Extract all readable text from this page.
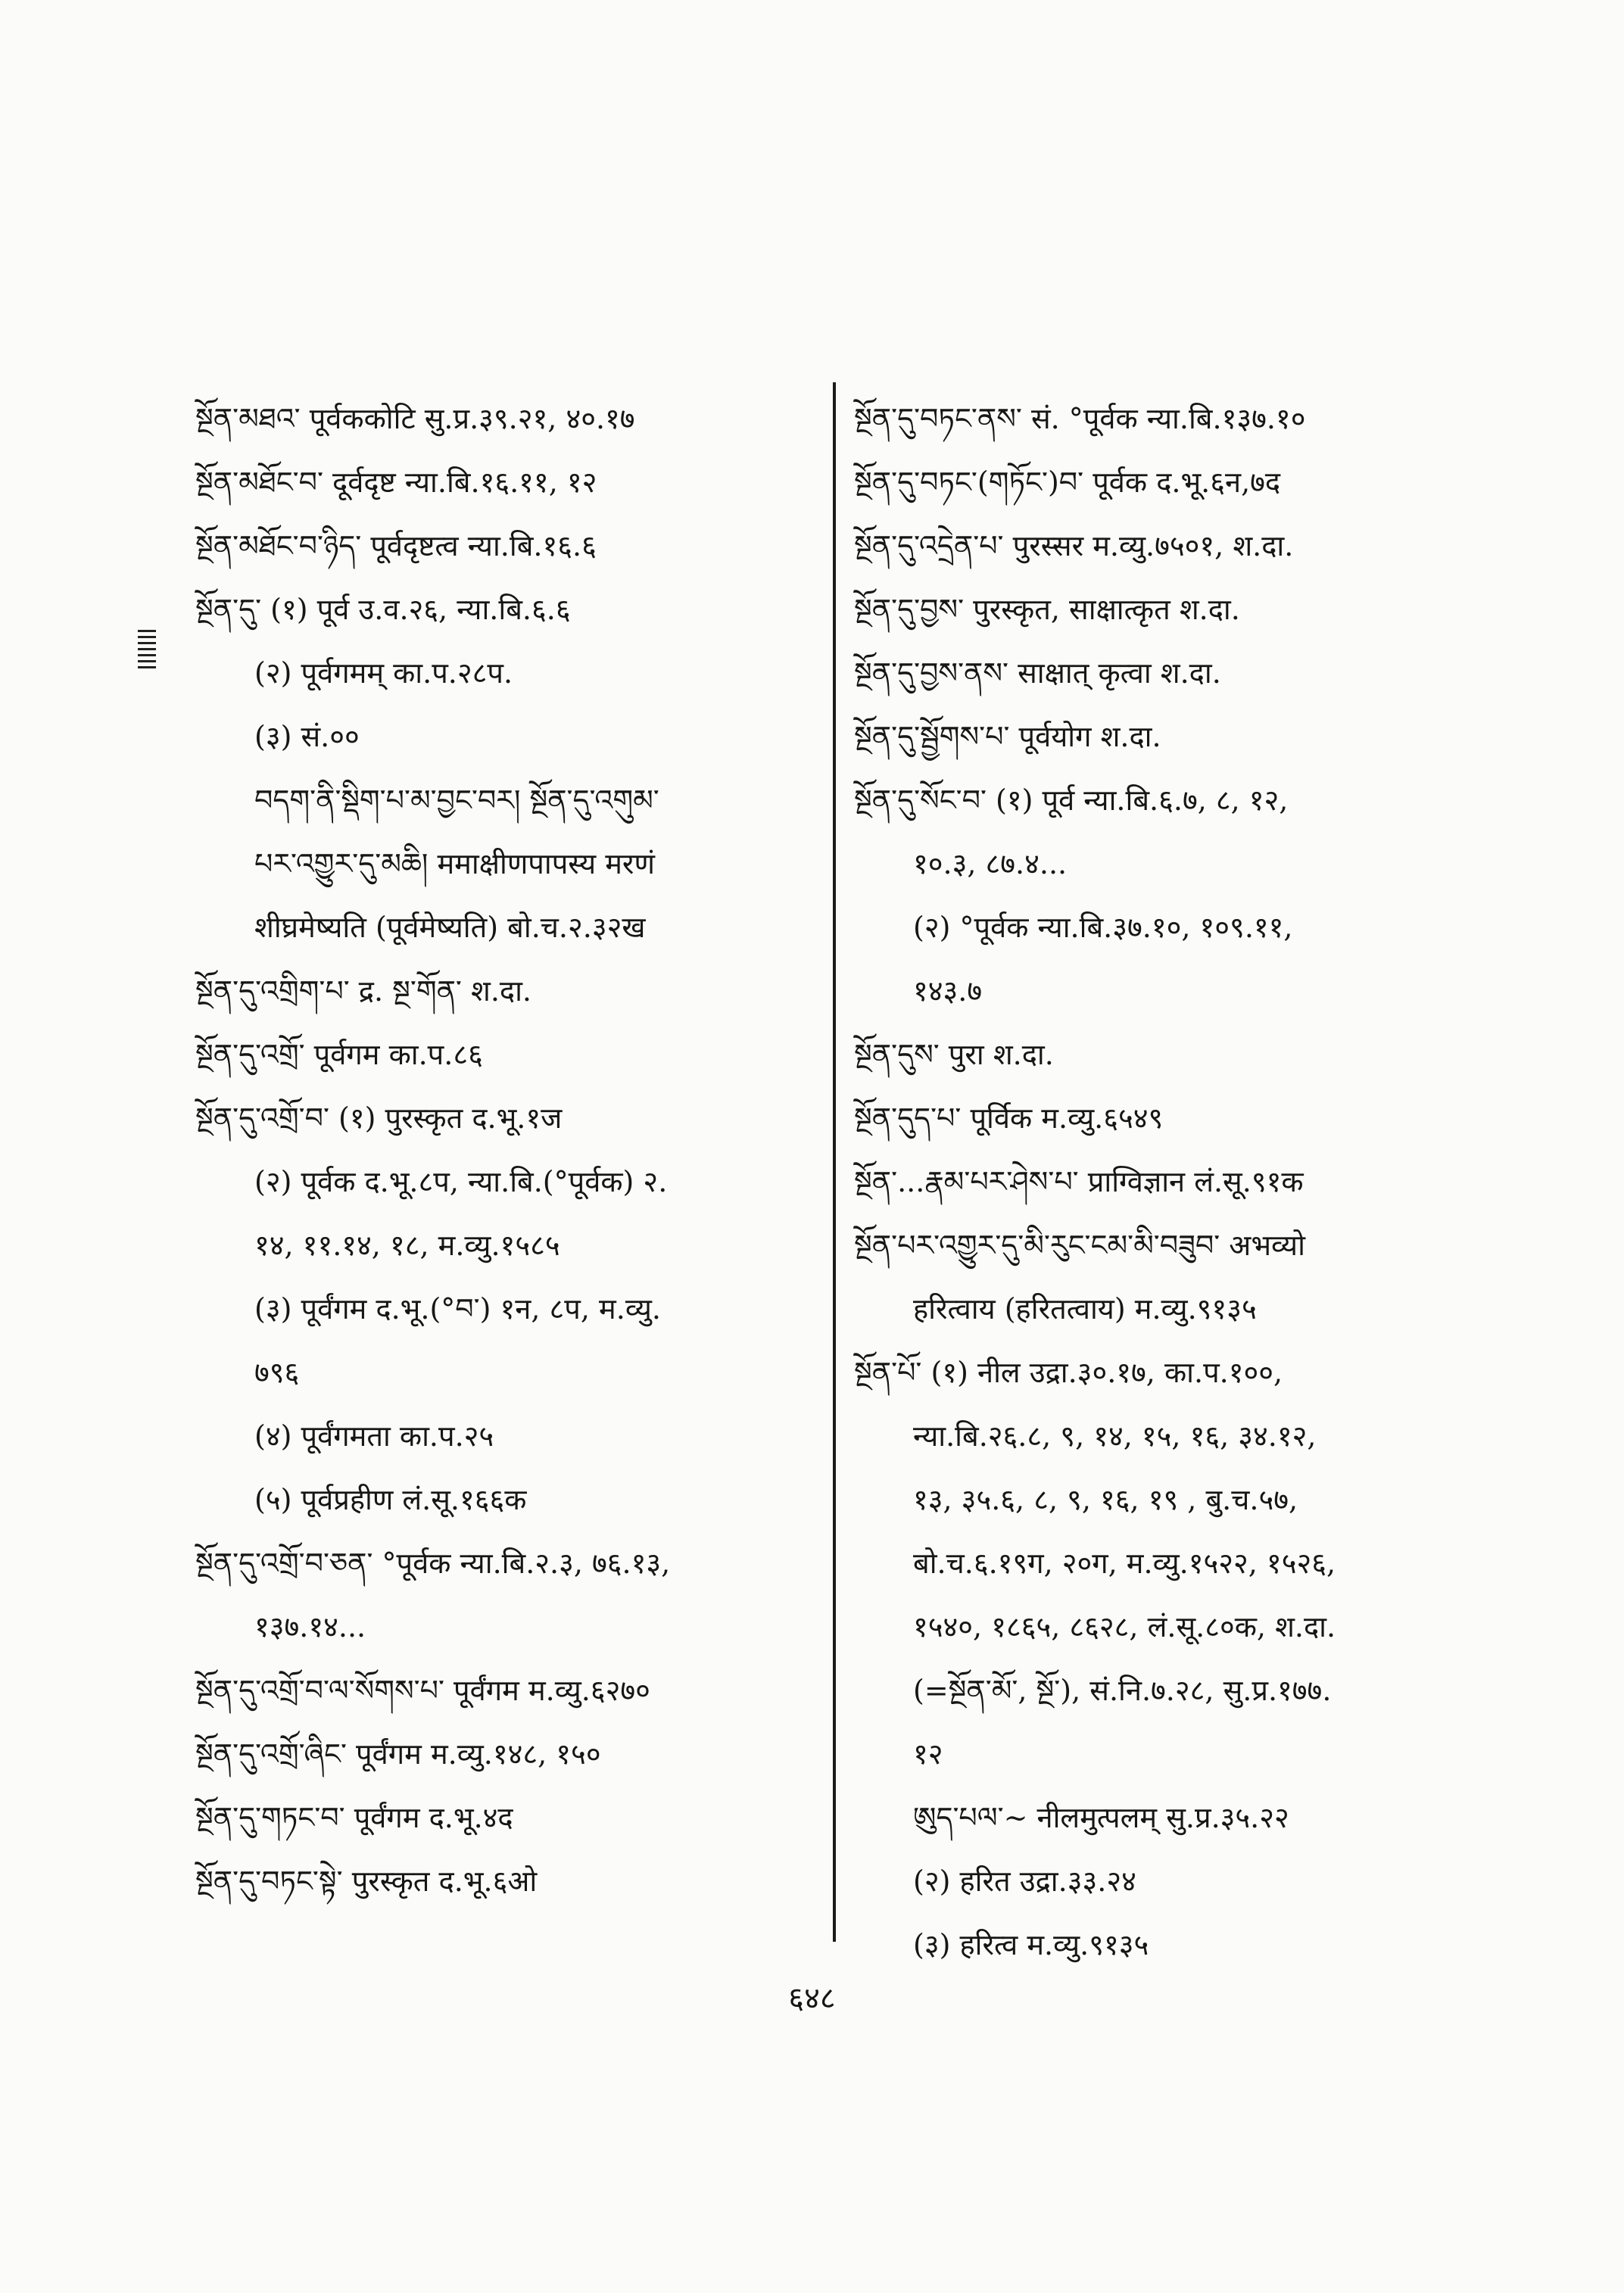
སྔོན་མཐའ་ पूर्वककोटि सु.प्र.३९.२१, ४०.१७
སྔོན་མཐོང་བ་ दूर्वदृष्ट न्या.बि.१६.११, १२
སྔོན་མཐོང་བ་ཉིད་ पूर्वदृष्टत्व न्या.बि.१६.६
སྔོན་དུ་ (१) पूर्व उ.व.२६, न्या.बि.६.६
(२) पूर्वगमम् का.प.२८प.
(३) सं.००
བདག་ནི་སྡིག་པ་མ་བྱང་བར། སྔོན་དུ་འགུམ་
པར་འགྱུར་དུ་མཆི། ममाक्षीणपापस्य मरणं
शीघ्रमेष्यति (पूर्वमेष्यति) बो.च.२.३२ख
སྔོན་དུ་འགྲིག་པ་ द्र. སྔ་གོན་ श.दा.
སྔོན་དུ་འགྲོ་ पूर्वगम का.प.८६
སྔོན་དུ་འགྲོ་བ་ (१) पुरस्कृत द.भू.१ज
(२) पूर्वक द.भू.८प, न्या.बि.(°पूर्वक) २.
१४, ११.१४, १८, म.व्यु.१५८५
(३) पूर्वंगम द.भू.(°བ་) १न, ८प, म.व्यु.
७९६
(४) पूर्वंगमता का.प.२५
(५) पूर्वप्रहीण लं.सू.१६६क
སྔོན་དུ་འགྲོ་བ་ཅན་ °पूर्वक न्या.बि.२.३, ७६.१३,
१३७.१४...
སྔོན་དུ་འགྲོ་བ་ལ་སོགས་པ་ पूर्वंगम म.व्यु.६२७०
སྔོན་དུ་འགྲོ་ཞིང་ पूर्वंगम म.व्यु.१४८, १५०
སྔོན་དུ་གཏང་བ་ पूर्वंगम द.भू.४द
སྔོན་དུ་བཏང་སྟེ་ पुरस्कृत द.भू.६ओ
སྔོན་དུ་བཏང་ནས་ सं. °पूर्वक न्या.बि.१३७.१०
སྔོན་དུ་བཏང་(གཏོང་)བ་ पूर्वक द.भू.६न,७द
སྔོན་དུ་འདྲེན་པ་ पुरस्सर म.व्यु.७५०१, श.दा.
སྔོན་དུ་བྱས་ पुरस्कृत, साक्षात्कृत श.दा.
སྔོན་དུ་བྱས་ནས་ साक्षात् कृत्वा श.दा.
སྔོན་དུ་སྦྱོགས་པ་ पूर्वयोग श.दा.
སྔོན་དུ་སོང་བ་ (१) पूर्व न्या.बि.६.७, ८, १२,
१०.३, ८७.४...
(२) °पूर्वक न्या.बि.३७.१०, १०९.११,
१४३.७
སྔོན་དུས་ पुरा श.दा.
སྔོན་དུད་པ་ पूर्विक म.व्यु.६५४९
སྔོན་...རྣམ་པར་ཤེས་པ་ प्राग्विज्ञान लं.सू.९१क
སྔོན་པར་འགྱུར་དུ་མི་རུང་ངམ་མི་བཟུབ་ अभव्यो
हरित्वाय (हरितत्वाय) म.व्यु.९१३५
སྔོན་པོ་ (१) नील उद्रा.३०.१७, का.प.१००,
न्या.बि.२६.८, ९, १४, १५, १६, ३४.१२,
१३, ३५.६, ८, ९, १६, १९ , बु.च.५७,
बो.च.६.१९ग, २०ग, म.व्यु.१५२२, १५२६,
१५४०, १८६५, ८६२८, लं.सू.८०क, श.दा.
(=སྔོན་མོ་, སྔོ་), सं.नि.७.२८, सु.प्र.१७७.
१२
ཨུད་པལ་~ नीलमुत्पलम् सु.प्र.३५.२२
(२) हरित उद्रा.३३.२४
(३) हरित्व म.व्यु.९१३५
६४८
